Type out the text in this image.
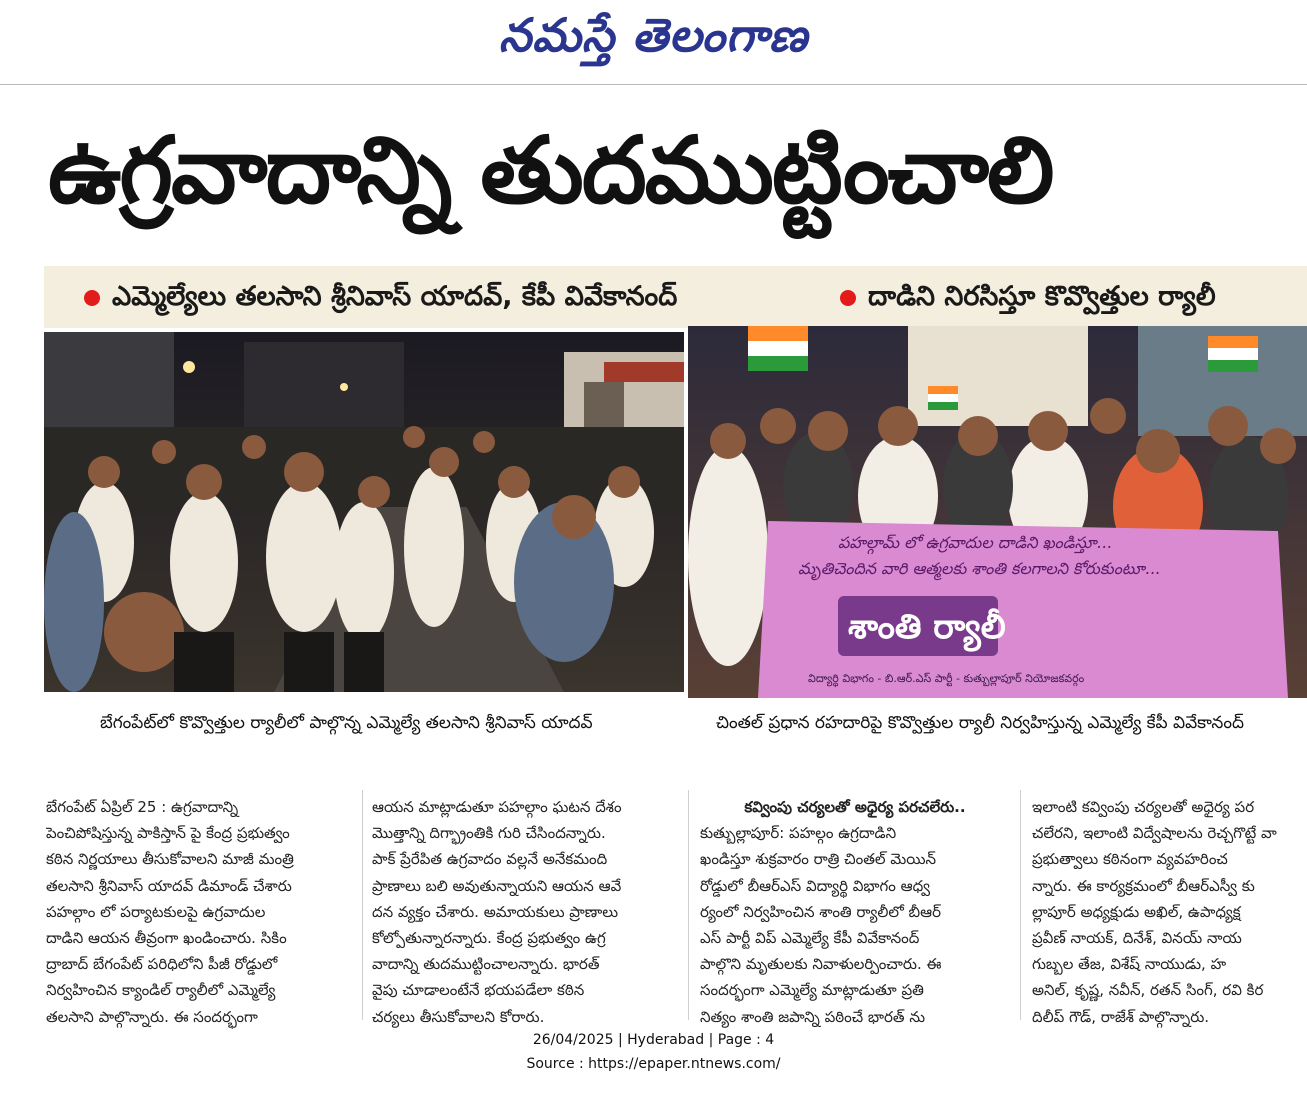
నమస్తే తెలంగాణ
ఉగ్రవాదాన్ని తుదముట్టించాలి
ఎమ్మెల్యేలు తలసాని శ్రీనివాస్ యాదవ్, కేపీ వివేకానంద్	దాడిని నిరసిస్తూ కొవ్వొత్తుల ర్యాలీ
పహల్గామ్ లో ఉగ్రవాదుల దాడిని ఖండిస్తూ...
మృతిచెందిన వారి ఆత్మలకు శాంతి కలగాలని కోరుకుంటూ...
శాంతి ర్యాలీ
విద్యార్థి విభాగం - బి.ఆర్.ఎస్ పార్టీ - కుత్బుల్లాపూర్ నియోజకవర్గం
బేగంపేట్‌లో కొవ్వొత్తుల ర్యాలీలో పాల్గొన్న ఎమ్మెల్యే తలసాని శ్రీనివాస్ యాదవ్	చింతల్ ప్రధాన రహదారిపై కొవ్వొత్తుల ర్యాలీ నిర్వహిస్తున్న ఎమ్మెల్యే కేపీ వివేకానంద్

బేగంపేట్ ఏప్రిల్ 25 : ఉగ్రవాదాన్ని

పెంచిపోషిస్తున్న పాకిస్తాన్ పై కేంద్ర ప్రభుత్వం

కఠిన నిర్ణయాలు తీసుకోవాలని మాజీ మంత్రి

తలసాని శ్రీనివాస్ యాదవ్ డిమాండ్ చేశారు

పహల్గాం లో పర్యాటకులపై ఉగ్రవాదుల

దాడిని ఆయన తీవ్రంగా ఖండించారు. సికిం

ద్రాబాద్ బేగంపేట్ పరిధిలోని పీజీ రోడ్డులో

నిర్వహించిన క్యాండిల్ ర్యాలీలో ఎమ్మెల్యే

తలసాని పాల్గొన్నారు. ఈ సందర్భంగా

ఆయన మాట్లాడుతూ పహల్గాం ఘటన దేశం

మొత్తాన్ని దిగ్భ్రాంతికి గురి చేసిందన్నారు.

పాక్ ప్రేరేపిత ఉగ్రవాదం వల్లనే అనేకమంది

ప్రాణాలు బలి అవుతున్నాయని ఆయన ఆవే

దన వ్యక్తం చేశారు. అమాయకులు ప్రాణాలు

కోల్పోతున్నారన్నారు. కేంద్ర ప్రభుత్వం ఉగ్ర

వాదాన్ని తుదముట్టించాలన్నారు. భారత్

వైపు చూడాలంటేనే భయపడేలా కఠిన

చర్యలు తీసుకోవాలని కోరారు.

కవ్వింపు చర్యలతో అధైర్య పరచలేరు..

కుత్బుల్లాపూర్: పహల్గం ఉగ్రదాడిని

ఖండిస్తూ శుక్రవారం రాత్రి చింతల్ మెయిన్

రోడ్డులో బీఆర్ఎస్ విద్యార్థి విభాగం ఆధ్వ

ర్యంలో నిర్వహించిన శాంతి ర్యాలీలో బీఆర్

ఎస్ పార్టీ విప్ ఎమ్మెల్యే కేపీ వివేకానంద్

పాల్గొని మృతులకు నివాళులర్పించారు. ఈ

సందర్భంగా ఎమ్మెల్యే మాట్లాడుతూ ప్రతి

నిత్యం శాంతి జపాన్ని పఠించే భారత్ ను

ఇలాంటి కవ్వింపు చర్యలతో అధైర్య పర

చలేరని, ఇలాంటి విద్వేషాలను రెచ్చగొట్టే వా

ప్రభుత్వాలు కఠినంగా వ్యవహరించ

న్నారు. ఈ కార్యక్రమంలో బీఆర్ఎస్వీ కు

ల్లాపూర్ అధ్యక్షుడు అఖిల్, ఉపాధ్యక్ష

ప్రవీణ్ నాయక్, దినేశ్, వినయ్ నాయ

గుబ్బల తేజ, విశేష్ నాయుడు, హ

అనిల్, కృష్ణ, నవీన్, రతన్ సింగ్, రవి కిర

దిలీప్ గౌడ్, రాజేశ్ పాల్గొన్నారు.

26/04/2025 | Hyderabad | Page : 4
Source : https://epaper.ntnews.com/
